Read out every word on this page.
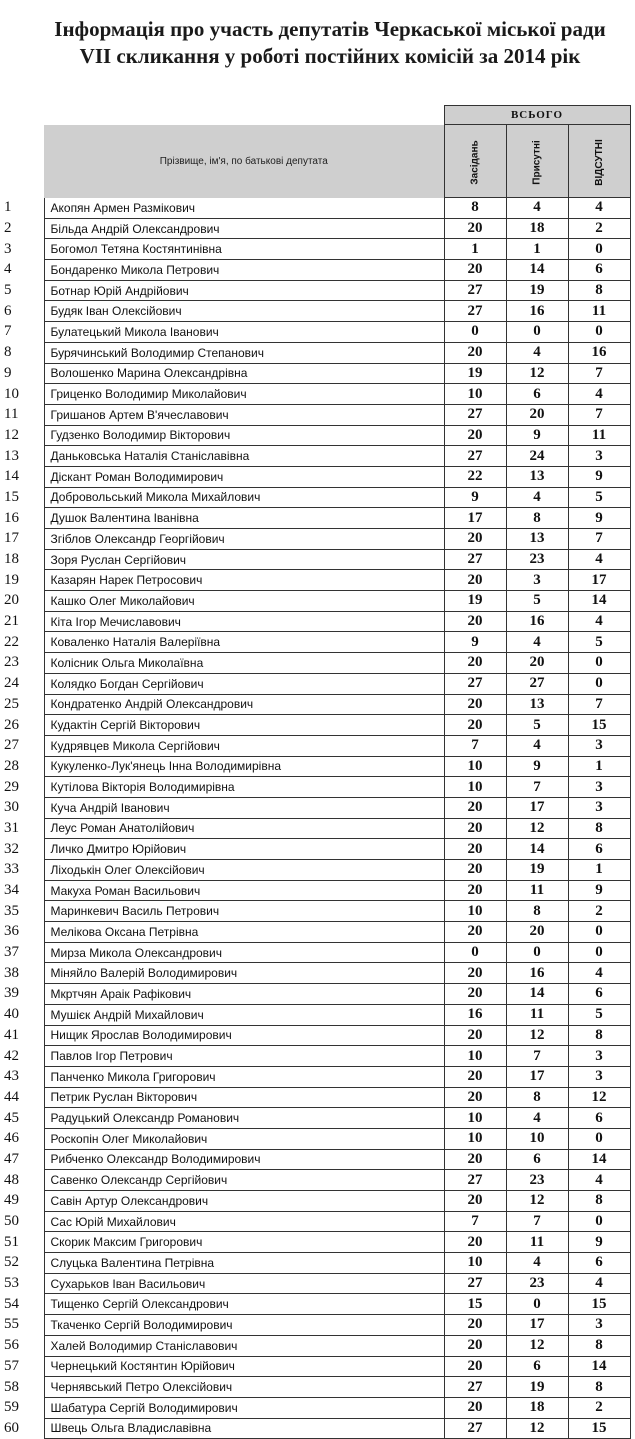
Інформація про участь депутатів Черкаської міської ради VII скликання у роботі постійних комісій за 2014 рік
		ВСЬОГО		
	Прізвище, ім'я, по батькові депутата	Засідань	Присутні	ВІДСУТНІ
1	Акопян Армен Размікович	8	4	4
2	Більда Андрій Олександрович	20	18	2
3	Богомол Тетяна Костянтинівна	1	1	0
4	Бондаренко Микола Петрович	20	14	6
5	Ботнар Юрій Андрійович	27	19	8
6	Будяк Іван Олексійович	27	16	11
7	Булатецький Микола Іванович	0	0	0
8	Бурячинський Володимир Степанович	20	4	16
9	Волошенко Марина Олександрівна	19	12	7
10	Гриценко Володимир Миколайович	10	6	4
11	Гришанов Артем В'ячеславович	27	20	7
12	Гудзенко Володимир Вікторович	20	9	11
13	Даньковська Наталія Станіславівна	27	24	3
14	Діскант Роман Володимирович	22	13	9
15	Добровольський Микола Михайлович	9	4	5
16	Душок Валентина Іванівна	17	8	9
17	Згіблов Олександр Георгійович	20	13	7
18	Зоря Руслан Сергійович	27	23	4
19	Казарян Нарек Петросович	20	3	17
20	Кашко Олег Миколайович	19	5	14
21	Кіта Ігор Мечиславович	20	16	4
22	Коваленко Наталія Валеріївна	9	4	5
23	Колісник Ольга Миколаївна	20	20	0
24	Колядко Богдан Сергійович	27	27	0
25	Кондратенко Андрій Олександрович	20	13	7
26	Кудактін Сергій Вікторович	20	5	15
27	Кудрявцев Микола Сергійович	7	4	3
28	Кукуленко-Лук'янець Інна Володимирівна	10	9	1
29	Кутілова Вікторія Володимирівна	10	7	3
30	Куча Андрій Іванович	20	17	3
31	Леус Роман Анатолійович	20	12	8
32	Личко Дмитро Юрійович	20	14	6
33	Ліходькін Олег Олексійович	20	19	1
34	Макуха Роман Васильович	20	11	9
35	Маринкевич Василь Петрович	10	8	2
36	Мелікова Оксана Петрівна	20	20	0
37	Мирза Микола Олександрович	0	0	0
38	Міняйло Валерій Володимирович	20	16	4
39	Мкртчян Араік Рафікович	20	14	6
40	Мушієк Андрій Михайлович	16	11	5
41	Нищик Ярослав Володимирович	20	12	8
42	Павлов Ігор Петрович	10	7	3
43	Панченко Микола Григорович	20	17	3
44	Петрик Руслан Вікторович	20	8	12
45	Радуцький Олександр Романович	10	4	6
46	Роскопін Олег Миколайович	10	10	0
47	Рибченко Олександр Володимирович	20	6	14
48	Савенко Олександр Сергійович	27	23	4
49	Савін Артур Олександрович	20	12	8
50	Сас Юрій Михайлович	7	7	0
51	Скорик Максим Григорович	20	11	9
52	Слуцька Валентина Петрівна	10	4	6
53	Сухарьков Іван Васильович	27	23	4
54	Тищенко Сергій Олександрович	15	0	15
55	Ткаченко Сергій Володимирович	20	17	3
56	Халей Володимир Станіславович	20	12	8
57	Чернецький Костянтин Юрійович	20	6	14
58	Чернявський Петро Олексійович	27	19	8
59	Шабатура Сергій Володимирович	20	18	2
60	Швець Ольга Владиславівна	27	12	15
